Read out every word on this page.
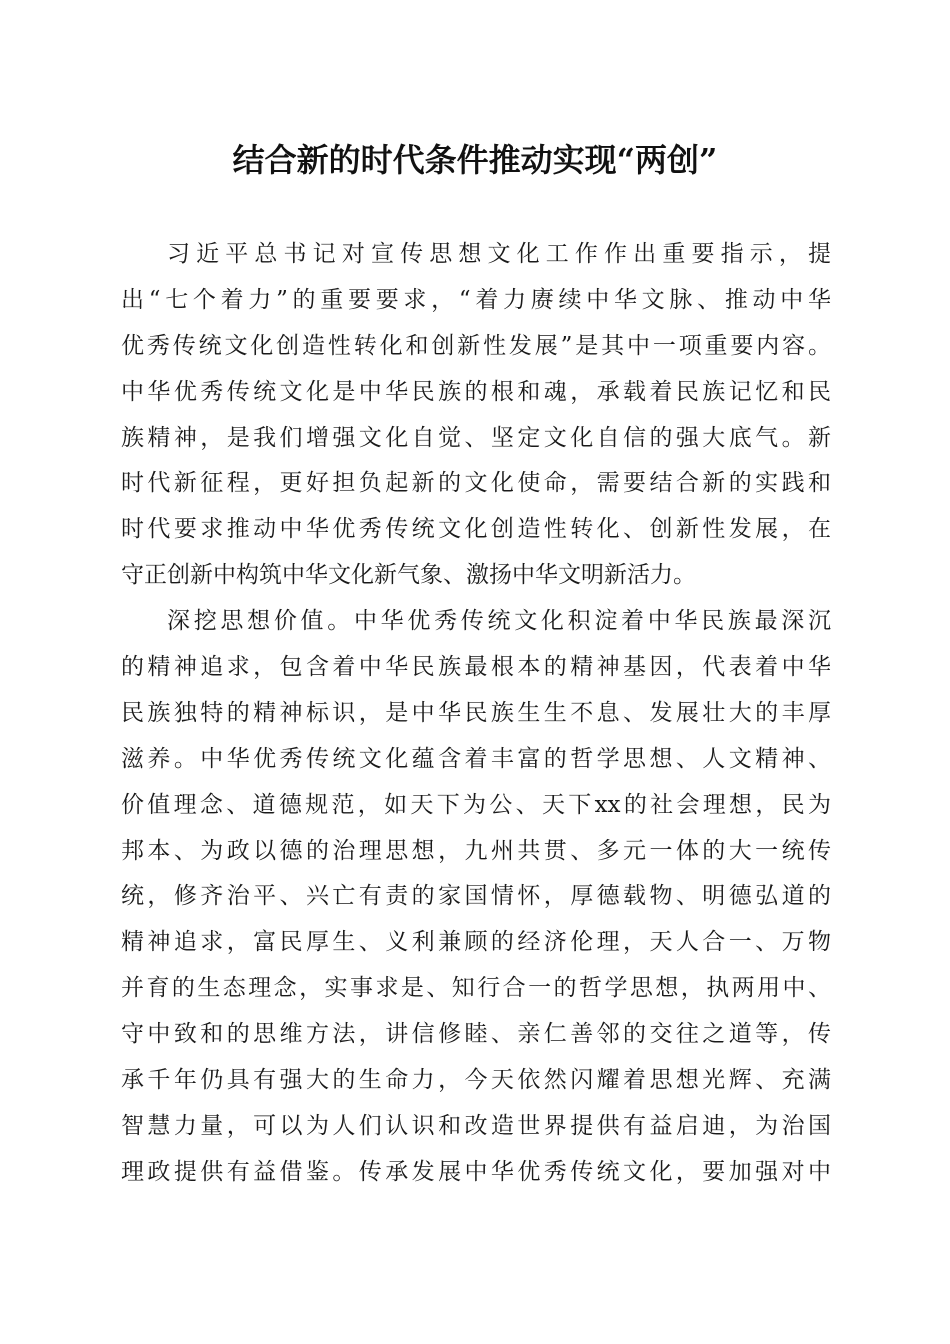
结合新的时代条件推动实现“两创”
习近平总书记对宣传思想文化工作作出重要指示，提
出“七个着力”的重要要求，“着力赓续中华文脉、推动中华
优秀传统文化创造性转化和创新性发展”是其中一项重要内容。
中华优秀传统文化是中华民族的根和魂，承载着民族记忆和民
族精神，是我们增强文化自觉、坚定文化自信的强大底气。新
时代新征程，更好担负起新的文化使命，需要结合新的实践和
时代要求推动中华优秀传统文化创造性转化、创新性发展，在
守正创新中构筑中华文化新气象、激扬中华文明新活力。
深挖思想价值。中华优秀传统文化积淀着中华民族最深沉
的精神追求，包含着中华民族最根本的精神基因，代表着中华
民族独特的精神标识，是中华民族生生不息、发展壮大的丰厚
滋养。中华优秀传统文化蕴含着丰富的哲学思想、人文精神、
价值理念、道德规范，如天下为公、天下xx的社会理想，民为
邦本、为政以德的治理思想，九州共贯、多元一体的大一统传
统，修齐治平、兴亡有责的家国情怀，厚德载物、明德弘道的
精神追求，富民厚生、义利兼顾的经济伦理，天人合一、万物
并育的生态理念，实事求是、知行合一的哲学思想，执两用中、
守中致和的思维方法，讲信修睦、亲仁善邻的交往之道等，传
承千年仍具有强大的生命力，今天依然闪耀着思想光辉、充满
智慧力量，可以为人们认识和改造世界提供有益启迪，为治国
理政提供有益借鉴。传承发展中华优秀传统文化，要加强对中
